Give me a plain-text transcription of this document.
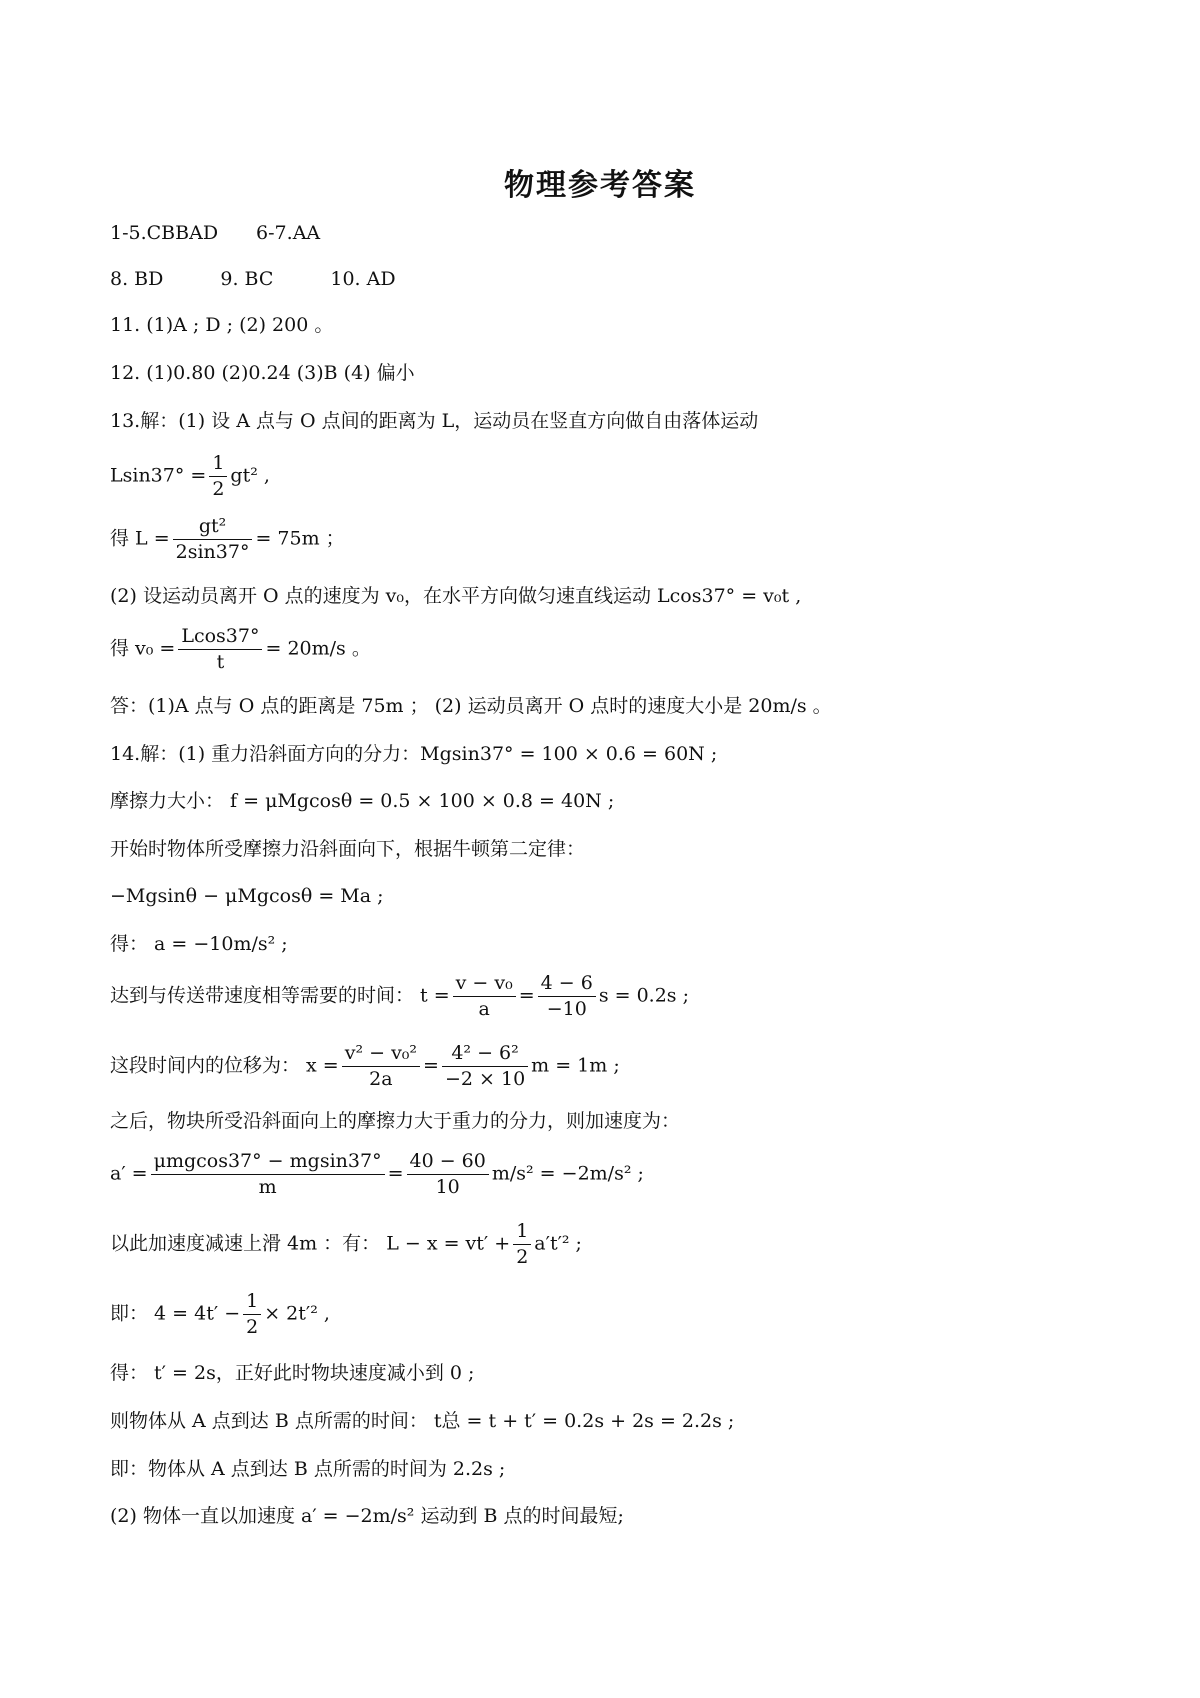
物理参考答案
1-5.CBBAD　　6-7.AA
8. BD　　　9. BC　　　10. AD
11. (1)A ; D ; (2) 200 。
12. (1)0.80 (2)0.24 (3)B (4) 偏小
13.解：(1) 设 A 点与 O 点间的距离为 L，运动员在竖直方向做自由落体运动
$Lsin37^\circ = \frac{1}{2} gt^2$ ,
得 $L = \frac{\text{gt²}}{2\sin 37^\circ} = 75m$ ；
(2) 设运动员离开 O 点的速度为 v₀，在水平方向做匀速直线运动 Lcos37° = v₀t ,
得 $v_0 = \frac{Lcos37^\circ}{t} = 20m/s$ 。
答：(1)A 点与 O 点的距离是 75m ； (2) 运动员离开 O 点时的速度大小是 20m/s 。
14.解：(1) 重力沿斜面方向的分力：Mgsin37° = 100 × 0.6 = 60N ;
摩擦力大小： f = μMgcosθ = 0.5 × 100 × 0.8 = 40N ;
开始时物体所受摩擦力沿斜面向下，根据牛顿第二定律：
−Mgsinθ − μMgcosθ = Ma ;
得： a = −10m/s² ;
达到与传送带速度相等需要的时间： $t = \frac{\text{v − v₀}}{a} = \frac{4 - 6}{-10}$ s = 0.2s ;
这段时间内的位移为： $x = \frac{\text{v² − v₀²}}{2a} = \frac{\text{4² − 6²}}{-2 \times 10}$ m = 1m ;
之后，物块所受沿斜面向上的摩擦力大于重力的分力，则加速度为：
$a' = \frac{\text{μmgcos37° − mgsin37°}}{m} = \frac{40 - 60}{10} m/s^2 = -2m/s^2$ ;
以此加速度减速上滑 4m ：有： $L - x = vt' + \frac{1}{2} a't'^2$ ;
即： $4 = 4t' - \frac{1}{2} \times 2t'^2$ ,
得： t′ = 2s，正好此时物块速度减小到 0 ;
则物体从 A 点到达 B 点所需的时间： t总 = t + t′ = 0.2s + 2s = 2.2s ;
即：物体从 A 点到达 B 点所需的时间为 2.2s ;
(2) 物体一直以加速度 a′ = −2m/s² 运动到 B 点的时间最短;
